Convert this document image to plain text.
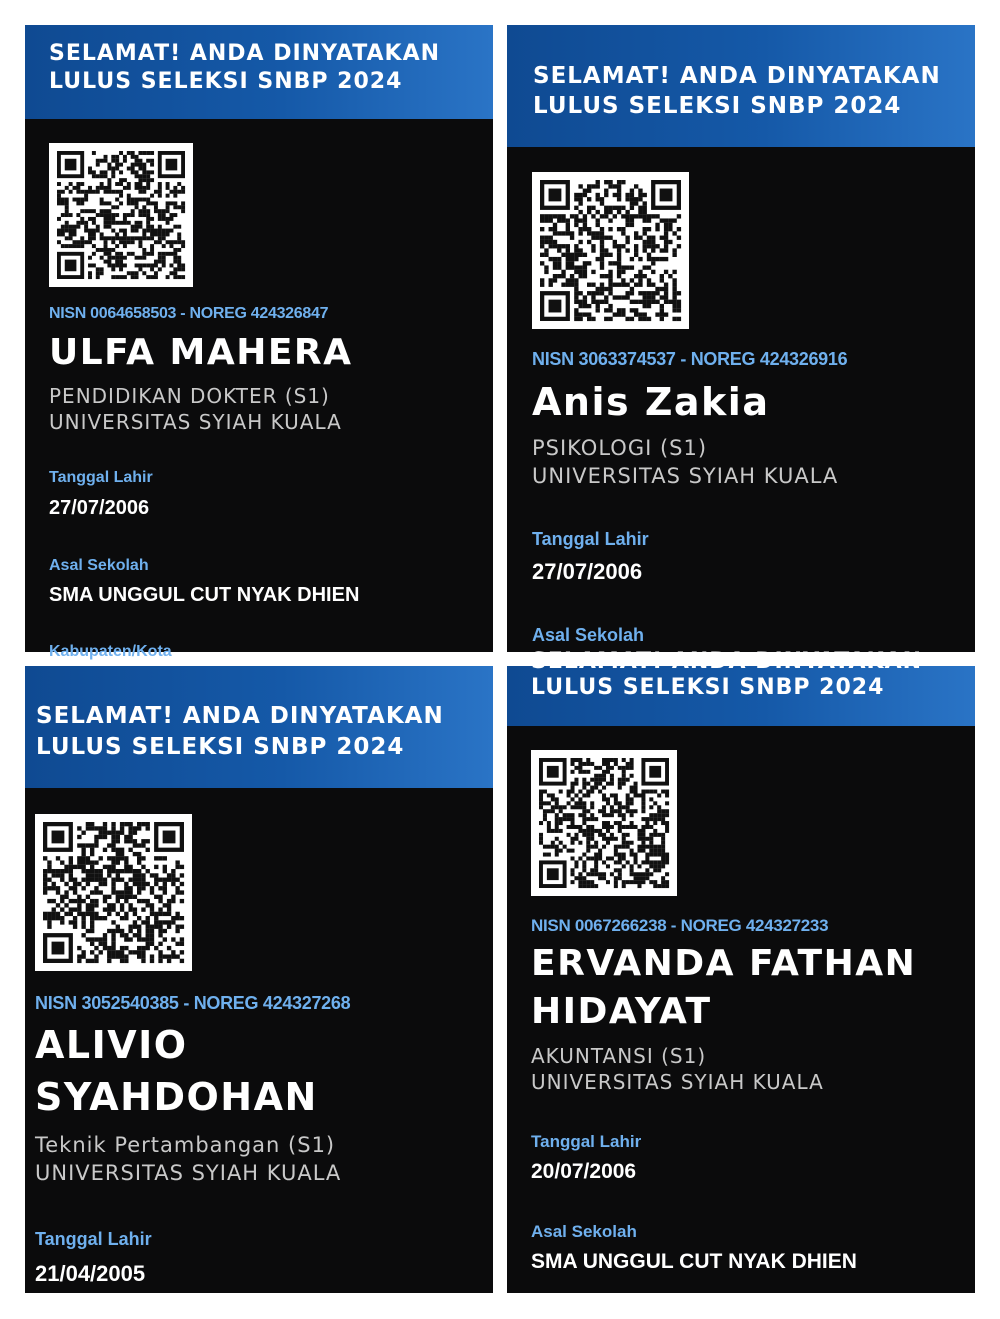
SELAMAT! ANDA DINYATAKAN
LULUS SELEKSI SNBP 2024
NISN 0064658503 - NOREG 424326847
ULFA MAHERA
PENDIDIKAN DOKTER (S1)
UNIVERSITAS SYIAH KUALA
Tanggal Lahir
27/07/2006
Asal Sekolah
SMA UNGGUL CUT NYAK DHIEN
Kabupaten/Kota
SELAMAT! ANDA DINYATAKAN
LULUS SELEKSI SNBP 2024
NISN 3063374537 - NOREG 424326916
Anis Zakia
PSIKOLOGI (S1)
UNIVERSITAS SYIAH KUALA
Tanggal Lahir
27/07/2006
Asal Sekolah
SELAMAT! ANDA DINYATAKAN
LULUS SELEKSI SNBP 2024
NISN 3052540385 - NOREG 424327268
ALIVIO
SYAHDOHAN
Teknik Pertambangan (S1)
UNIVERSITAS SYIAH KUALA
Tanggal Lahir
21/04/2005
SELAMAT! ANDA DINYATAKAN
LULUS SELEKSI SNBP 2024
NISN 0067266238 - NOREG 424327233
ERVANDA FATHAN
HIDAYAT
AKUNTANSI (S1)
UNIVERSITAS SYIAH KUALA
Tanggal Lahir
20/07/2006
Asal Sekolah
SMA UNGGUL CUT NYAK DHIEN
